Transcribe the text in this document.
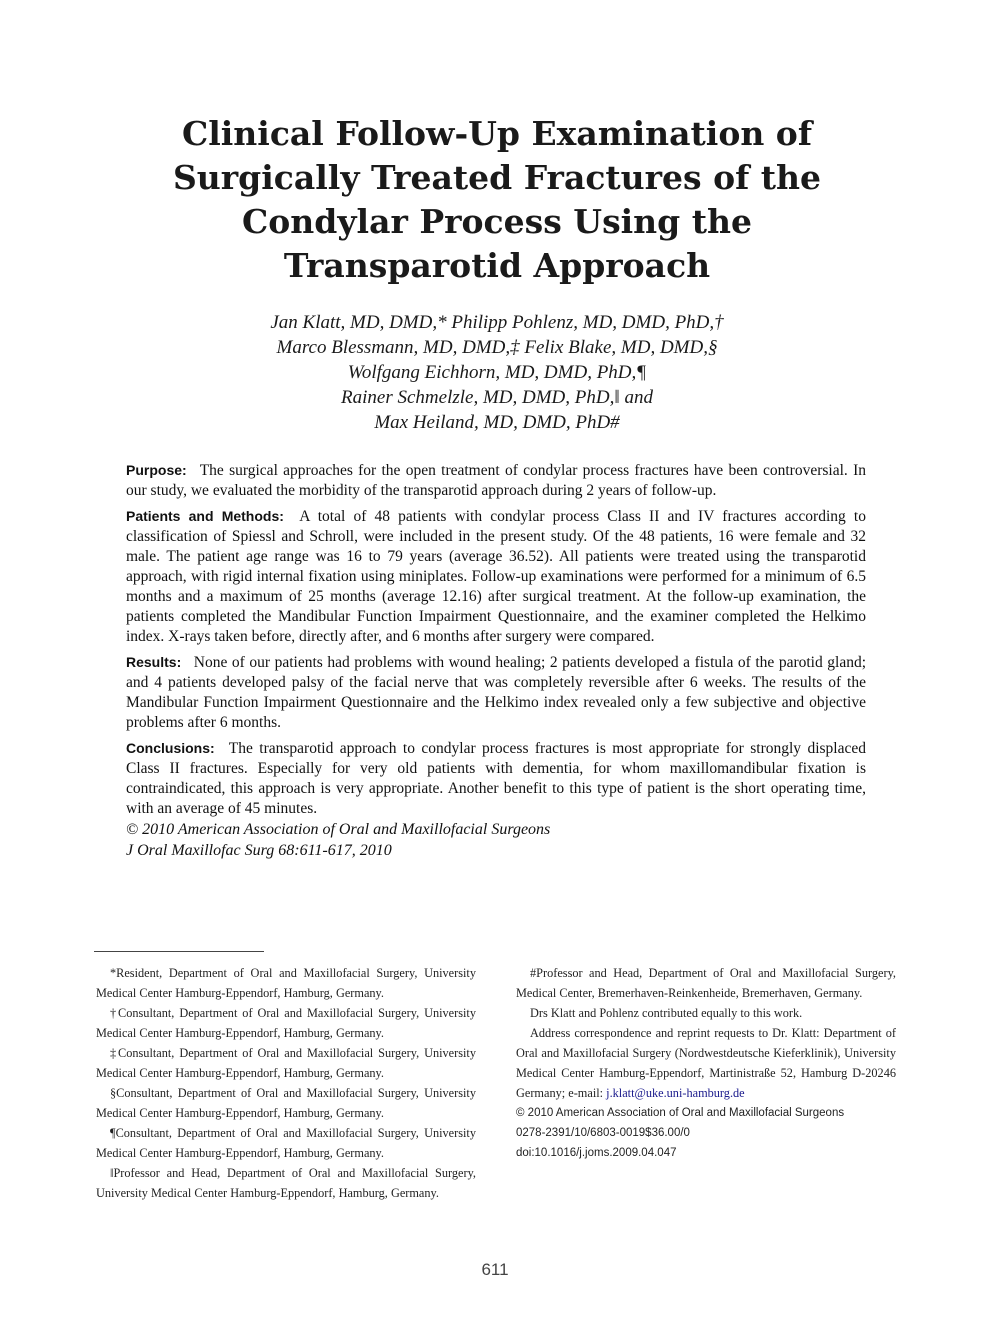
Clinical Follow-Up Examination of
Surgically Treated Fractures of the
Condylar Process Using the
Transparotid Approach
Jan Klatt, MD, DMD,* Philipp Pohlenz, MD, DMD, PhD,†
Marco Blessmann, MD, DMD,‡ Felix Blake, MD, DMD,§
Wolfgang Eichhorn, MD, DMD, PhD,¶
Rainer Schmelzle, MD, DMD, PhD,‖ and
Max Heiland, MD, DMD, PhD#

Purpose: The surgical approaches for the open treatment of condylar process fractures have been controversial. In our study, we evaluated the morbidity of the transparotid approach during 2 years of follow-up.

Patients and Methods: A total of 48 patients with condylar process Class II and IV fractures according to classification of Spiessl and Schroll, were included in the present study. Of the 48 patients, 16 were female and 32 male. The patient age range was 16 to 79 years (average 36.52). All patients were treated using the transparotid approach, with rigid internal fixation using miniplates. Follow-up examinations were performed for a minimum of 6.5 months and a maximum of 25 months (average 12.16) after surgical treatment. At the follow-up examination, the patients completed the Mandibular Function Impairment Questionnaire, and the examiner completed the Helkimo index. X-rays taken before, directly after, and 6 months after surgery were compared.

Results: None of our patients had problems with wound healing; 2 patients developed a fistula of the parotid gland; and 4 patients developed palsy of the facial nerve that was completely reversible after 6 weeks. The results of the Mandibular Function Impairment Questionnaire and the Helkimo index revealed only a few subjective and objective problems after 6 months.

Conclusions: The transparotid approach to condylar process fractures is most appropriate for strongly displaced Class II fractures. Especially for very old patients with dementia, for whom maxillomandibular fixation is contraindicated, this approach is very appropriate. Another benefit to this type of patient is the short operating time, with an average of 45 minutes.

© 2010 American Association of Oral and Maxillofacial Surgeons
J Oral Maxillofac Surg 68:611-617, 2010

*Resident, Department of Oral and Maxillofacial Surgery, University Medical Center Hamburg-Eppendorf, Hamburg, Germany.

†Consultant, Department of Oral and Maxillofacial Surgery, University Medical Center Hamburg-Eppendorf, Hamburg, Germany.

‡Consultant, Department of Oral and Maxillofacial Surgery, University Medical Center Hamburg-Eppendorf, Hamburg, Germany.

§Consultant, Department of Oral and Maxillofacial Surgery, University Medical Center Hamburg-Eppendorf, Hamburg, Germany.

¶Consultant, Department of Oral and Maxillofacial Surgery, University Medical Center Hamburg-Eppendorf, Hamburg, Germany.

‖Professor and Head, Department of Oral and Maxillofacial Surgery, University Medical Center Hamburg-Eppendorf, Hamburg, Germany.

#Professor and Head, Department of Oral and Maxillofacial Surgery, Medical Center, Bremerhaven-Reinkenheide, Bremerhaven, Germany.

Drs Klatt and Pohlenz contributed equally to this work.

Address correspondence and reprint requests to Dr. Klatt: Department of Oral and Maxillofacial Surgery (Nordwestdeutsche Kieferklinik), University Medical Center Hamburg-Eppendorf, Martinistraße 52, Hamburg D-20246 Germany; e-mail: j.klatt@uke.uni-hamburg.de

© 2010 American Association of Oral and Maxillofacial Surgeons

0278-2391/10/6803-0019$36.00/0

doi:10.1016/j.joms.2009.04.047

611
